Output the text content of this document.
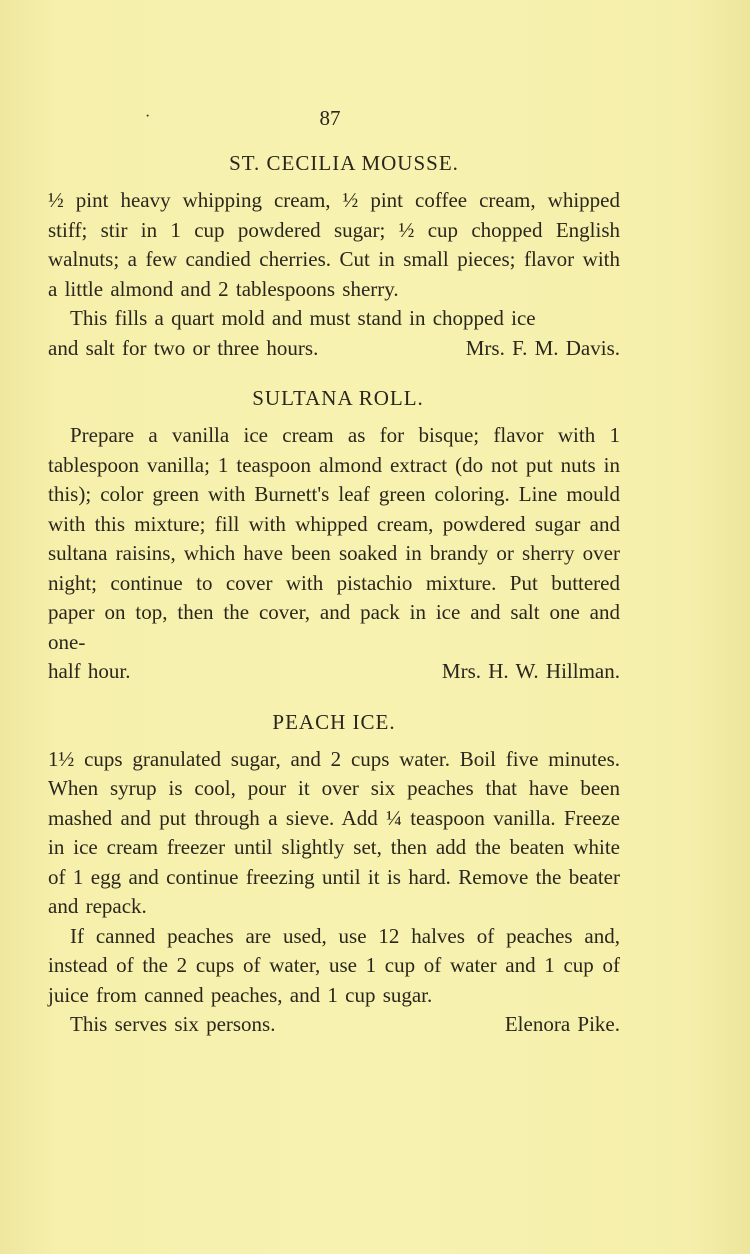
·	87
ST. CECILIA MOUSSE.

½ pint heavy whipping cream, ½ pint coffee cream, whipped stiff; stir in 1 cup powdered sugar; ½ cup chopped English walnuts; a few candied cherries. Cut in small pieces; flavor with a little almond and 2 tablespoons sherry.

This fills a quart mold and must stand in chopped ice

and salt for two or three hours.	Mrs. F. M. Davis.
SULTANA ROLL.

Prepare a vanilla ice cream as for bisque; flavor with 1 tablespoon vanilla; 1 teaspoon almond extract (do not put nuts in this); color green with Burnett's leaf green coloring. Line mould with this mixture; fill with whipped cream, powdered sugar and sultana raisins, which have been soaked in brandy or sherry over night; continue to cover with pistachio mixture. Put buttered paper on top, then the cover, and pack in ice and salt one and one-

half hour.	Mrs. H. W. Hillman.
PEACH ICE.

1½ cups granulated sugar, and 2 cups water. Boil five minutes. When syrup is cool, pour it over six peaches that have been mashed and put through a sieve. Add ¼ teaspoon vanilla. Freeze in ice cream freezer until slightly set, then add the beaten white of 1 egg and continue freezing until it is hard. Remove the beater and repack.

If canned peaches are used, use 12 halves of peaches and, instead of the 2 cups of water, use 1 cup of water and 1 cup of juice from canned peaches, and 1 cup sugar.

This serves six persons.	Elenora Pike.
